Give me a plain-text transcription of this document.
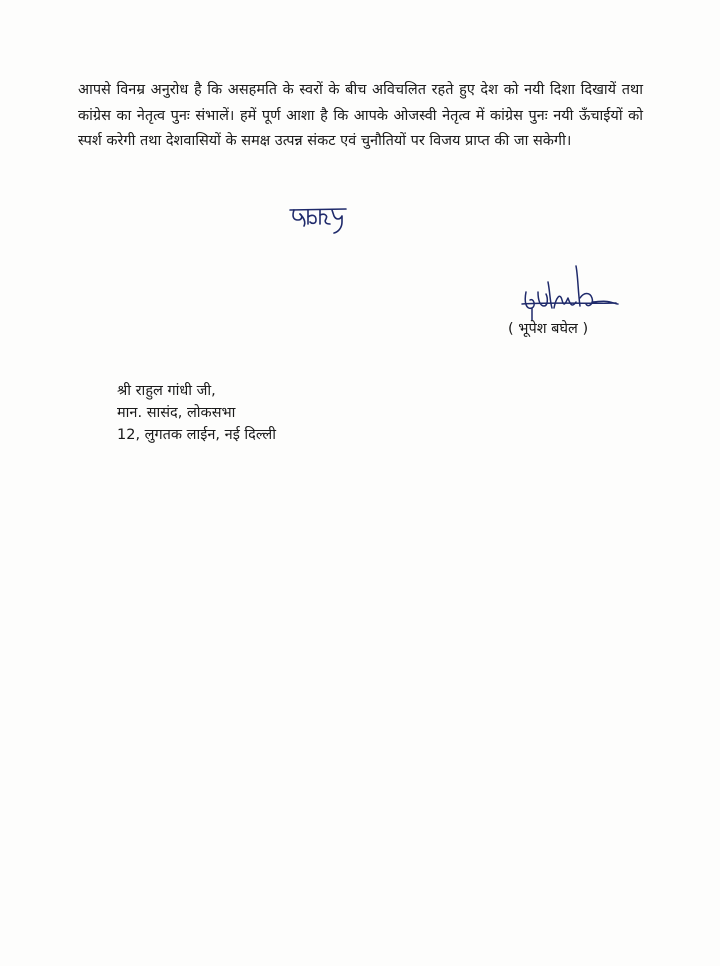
आपसे विनम्र अनुरोध है कि असहमति के स्वरों के बीच अविचलित रहते हुए देश को नयी दिशा दिखायें तथा कांग्रेस का नेतृत्व पुनः संभालें। हमें पूर्ण आशा है कि आपके ओजस्वी नेतृत्व में कांग्रेस पुनः नयी ऊँचाईयों को स्पर्श करेगी तथा देशवासियों के समक्ष उत्पन्न संकट एवं चुनौतियों पर विजय प्राप्त की जा सकेगी।

( भूपेश बघेल )

श्री राहुल गांधी जी,
मान. सासंद, लोकसभा
12, लुगतक लाईन, नई दिल्ली
